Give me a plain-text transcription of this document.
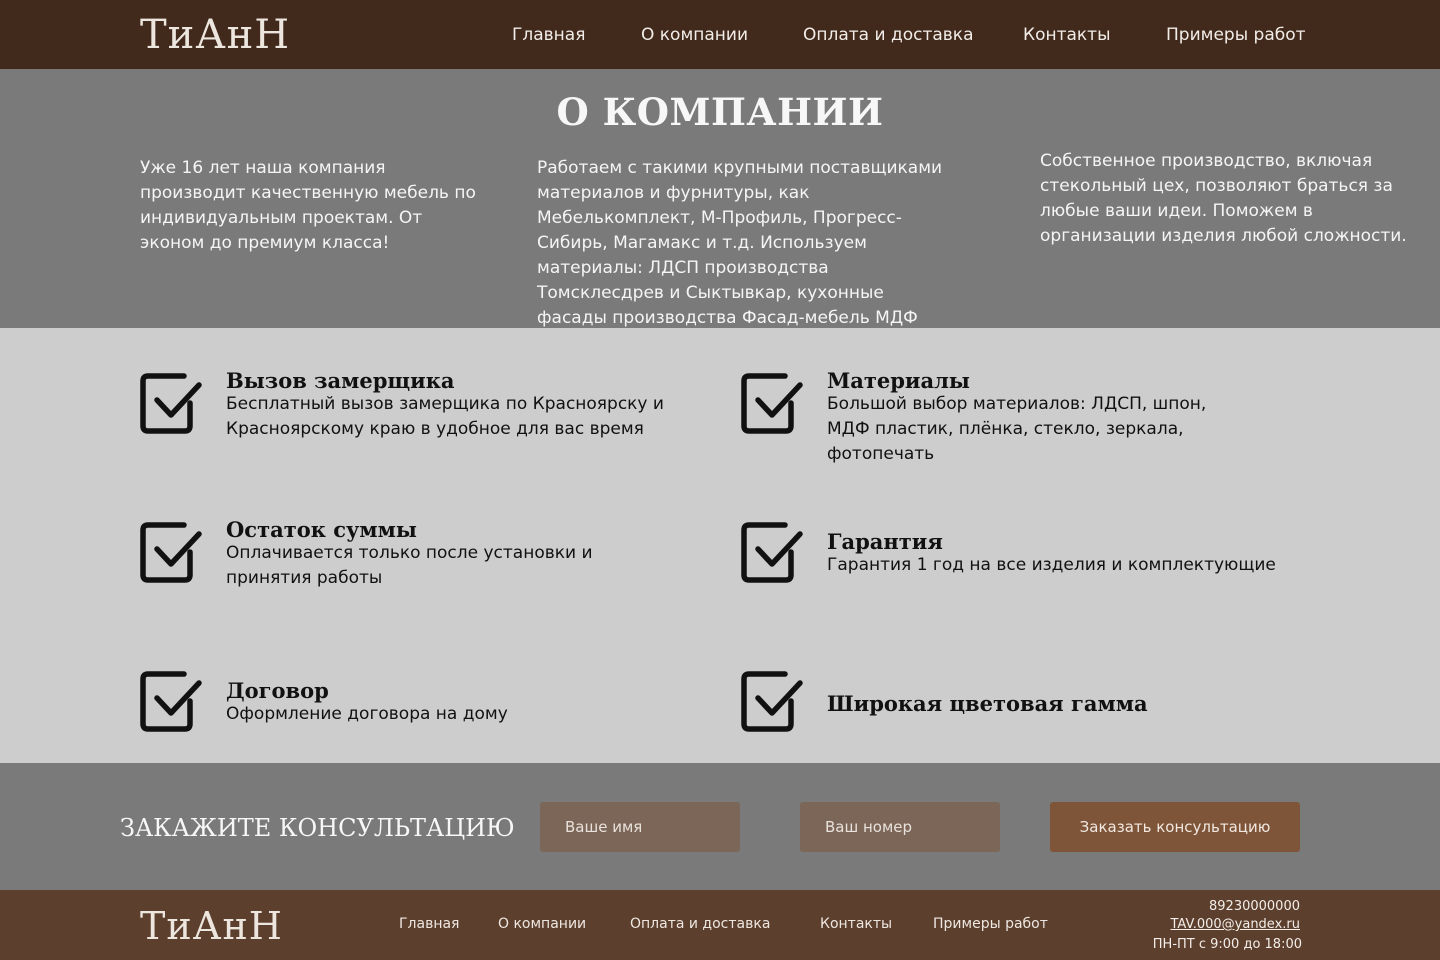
ТиАнН	Главная	О компании	Оплата и доставка	Контакты	Примеры работ
О КОМПАНИИ

Уже 16 лет наша компания производит качественную мебель по индивидуальным проектам. От эконом до премиум класса!

Работаем с такими крупными поставщиками материалов и фурнитуры, как Мебелькомплект, М-Профиль, Прогресс-Сибирь, Магамакс и т.д. Используем материалы: ЛДСП производства Томсклесдрев и Сыктывкар, кухонные фасады производства Фасад-мебель МДФ

Собственное производство, включая стекольный цех, позволяют браться за любые ваши идеи. Поможем в организации изделия любой сложности.

Вызов замерщика
Бесплатный вызов замерщика по Красноярску и Красноярскому краю в удобное для вас время
Материалы
Большой выбор материалов: ЛДСП, шпон, МДФ пластик, плёнка, стекло, зеркала, фотопечать
Остаток суммы
Оплачивается только после установки и принятия работы
Гарантия
Гарантия 1 год на все изделия и комплектующие
Договор
Оформление договора на дому	Широкая цветовая гамма
ЗАКАЖИТЕ КОНСУЛЬТАЦИЮ
Ваше имя
Ваш номер	Заказать консультацию
ТиАнН	Главная	О компании	Оплата и доставка	Контакты	Примеры работ
89230000000
TAV.000@yandex.ru
ПН-ПТ с 9:00 до 18:00
